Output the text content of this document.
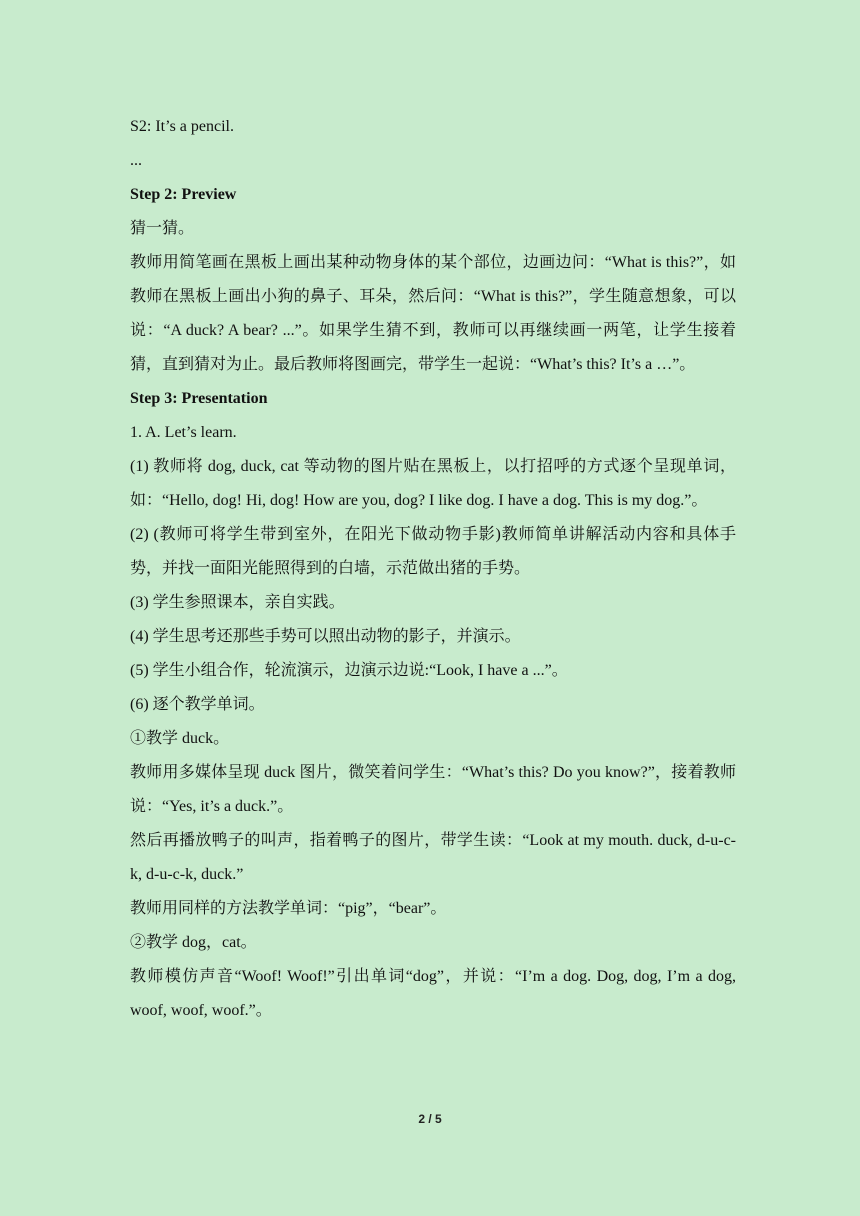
S2: It’s a pencil.

...

Step 2: Preview

猜一猜。

教师用简笔画在黑板上画出某种动物身体的某个部位，边画边问：“What is this?”，如教师在黑板上画出小狗的鼻子、耳朵，然后问：“What is this?”，学生随意想象，可以说：“A duck? A bear? ...”。如果学生猜不到，教师可以再继续画一两笔，让学生接着猜，直到猜对为止。最后教师将图画完，带学生一起说：“What’s this? It’s a …”。

Step 3: Presentation

1. A. Let’s learn.

(1) 教师将 dog, duck, cat 等动物的图片贴在黑板上，以打招呼的方式逐个呈现单词，如：“Hello, dog! Hi, dog! How are you, dog? I like dog. I have a dog. This is my dog.”。

(2) (教师可将学生带到室外，在阳光下做动物手影)教师简单讲解活动内容和具体手势，并找一面阳光能照得到的白墙，示范做出猪的手势。

(3) 学生参照课本，亲自实践。

(4) 学生思考还那些手势可以照出动物的影子，并演示。

(5) 学生小组合作，轮流演示，边演示边说:“Look, I have a ...”。

(6) 逐个教学单词。

①教学 duck。

教师用多媒体呈现 duck 图片，微笑着问学生：“What’s this? Do you know?”，接着教师说：“Yes, it’s a duck.”。

然后再播放鸭子的叫声，指着鸭子的图片，带学生读：“Look at my mouth. duck, d-u-c-k, d-u-c-k, duck.”

教师用同样的方法教学单词：“pig”，“bear”。

②教学 dog，cat。

教师模仿声音“Woof! Woof!”引出单词“dog”，并说：“I’m a dog. Dog, dog, I’m a dog, woof, woof, woof.”。

2 / 5
